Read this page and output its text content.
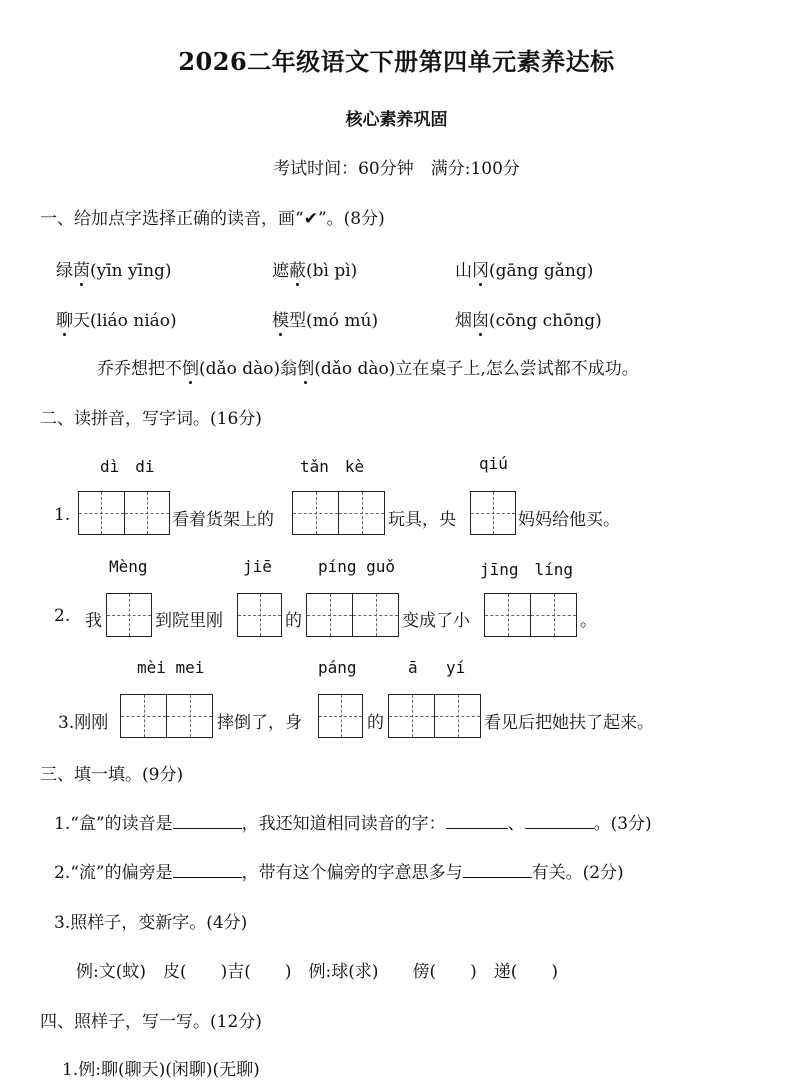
2026二年级语文下册第四单元素养达标
核心素养巩固
考试时间：60分钟　满分:100分
一、给加点字选择正确的读音，画“✔”。(8分)
绿茵(yīn yīng)	遮蔽(bì pì)	山冈(gāng gǎng)
聊天(liáo niáo)	模型(mó mú)	烟囱(cōng chōng)
乔乔想把不倒(dǎo dào)翁倒(dǎo dào)立在桌子上,怎么尝试都不成功。
二、读拼音，写字词。(16分)
dì　di	tǎn　kè	qiú
1.	看着货架上的	玩具，央	妈妈给他买。
Mèng	jiē	píng guǒ	jīng　líng
2. 我	到院里刚	的	变成了小	。
mèi mei	páng	ā yí
3.刚刚	摔倒了，身	的	看见后把她扶了起来。
三、填一填。(9分)
1.“盒”的读音是	，我还知道相同读音的字：	、	。(3分)
2.“流”的偏旁是	，带有这个偏旁的字意思多与	有关。(2分)
3.照样子，变新字。(4分)
例:文(蚊)　皮(　　)吉(　　)　例:球(求)　　傍(　　)　递(　　)
四、照样子，写一写。(12分)
1.例:聊(聊天)(闲聊)(无聊)
